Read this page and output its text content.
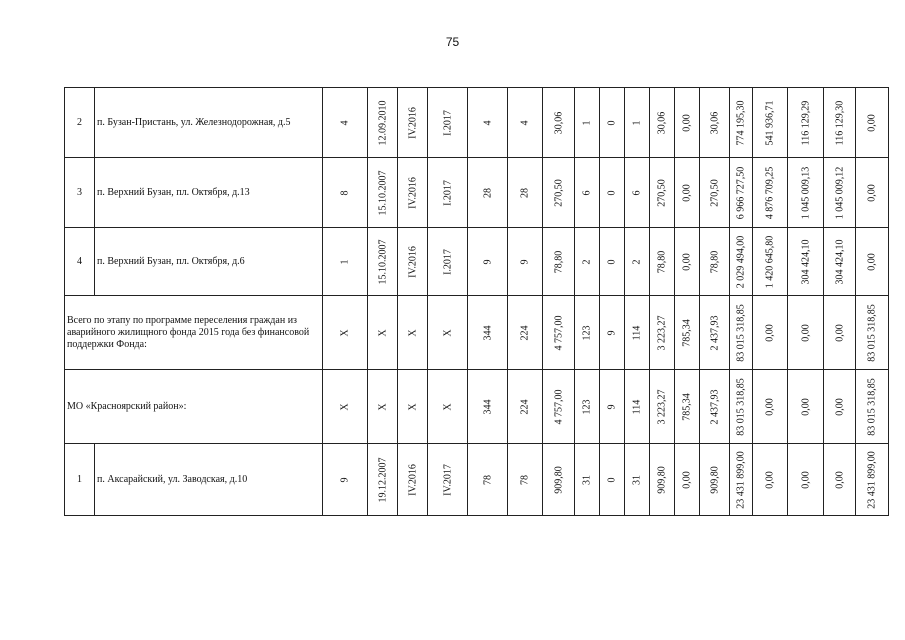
75
2	п. Бузан-Пристань, ул. Железнодорожная, д.5	4	12.09.2010	IV.2016	I.2017	4	4	30,06	1	0	1	30,06	0,00	30,06	774 195,30	541 936,71	116 129,29	116 129,30	0,00

3	п. Верхний Бузан, пл. Октября, д.13	8	15.10.2007	IV.2016	I.2017	28	28	270,50	6	0	6	270,50	0,00	270,50	6 966 727,50	4 876 709,25	1 045 009,13	1 045 009,12	0,00

4	п. Верхний Бузан, пл. Октября, д.6	1	15.10.2007	IV.2016	I.2017	9	9	78,80	2	0	2	78,80	0,00	78,80	2 029 494,00	1 420 645,80	304 424,10	304 424,10	0,00

Всего по этапу по программе переселения граждан из аварийного жилищного фонда 2015 года без финансовой поддержки Фонда:		X	X	X	X	344	224	4 757,00	123	9	114	3 223,27	785,34	2 437,93	83 015 318,85	0,00	0,00	0,00	83 015 318,85

МО «Красноярский район»:		X	X	X	X	344	224	4 757,00	123	9	114	3 223,27	785,34	2 437,93	83 015 318,85	0,00	0,00	0,00	83 015 318,85

1	п. Аксарайский, ул. Заводская, д.10	9	19.12.2007	IV.2016	IV.2017	78	78	909,80	31	0	31	909,80	0,00	909,80	23 431 899,00	0,00	0,00	0,00	23 431 899,00
